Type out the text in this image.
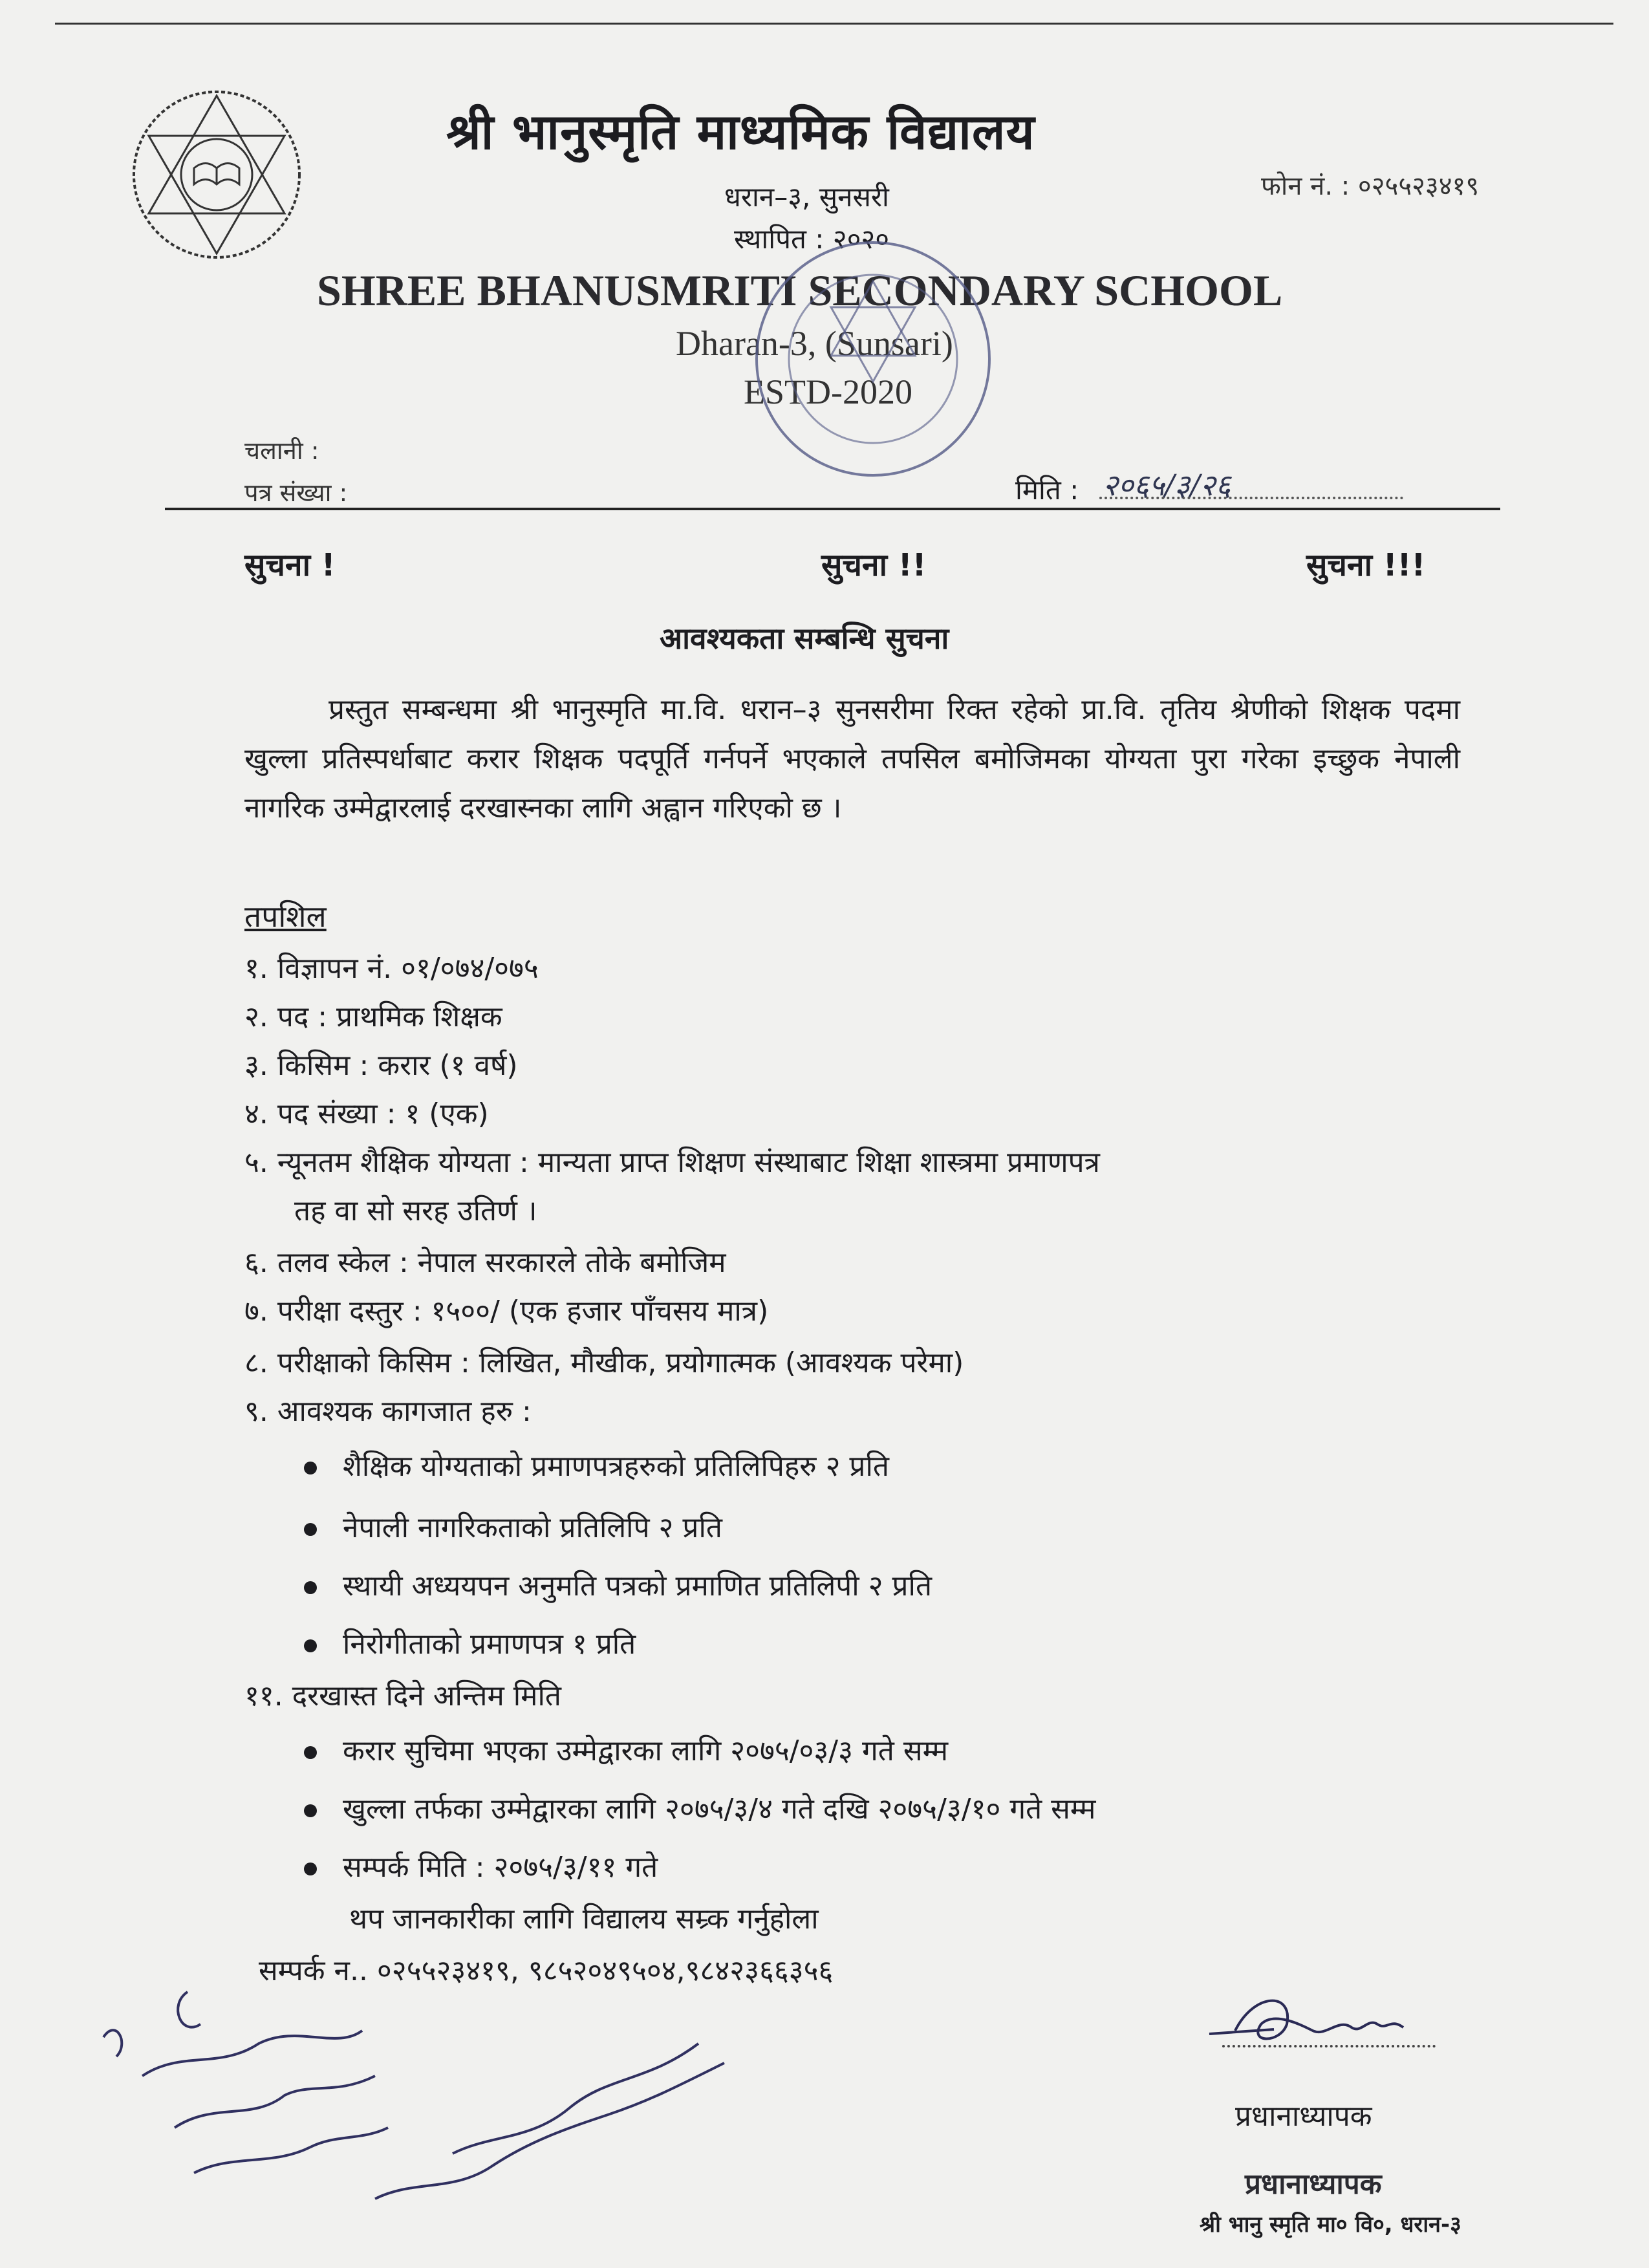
श्री भानुस्मृति माध्यमिक विद्यालय
फोन नं. : ०२५५२३४१९
धरान–३, सुनसरी
स्थापित : २०२०
SHREE BHANUSMRITI SECONDARY SCHOOL
Dharan-3, (Sunsari)
ESTD-2020
चलानी :
पत्र संख्या :	मिति : २०६५/३/२६
सुचना !	सुचना !!	सुचना !!!
आवश्यकता सम्बन्धि सुचना
प्रस्तुत सम्बन्धमा श्री भानुस्मृति मा.वि. धरान–३ सुनसरीमा रिक्त रहेको प्रा.वि. तृतिय श्रेणीको शिक्षक पदमा खुल्ला प्रतिस्पर्धाबाट करार शिक्षक पदपूर्ति गर्नपर्ने भएकाले तपसिल बमोजिमका योग्यता पुरा गरेका इच्छुक नेपाली नागरिक उम्मेद्वारलाई दरखास्नका लागि अह्वान गरिएको छ ।
तपशिल
१. विज्ञापन नं. ०१/०७४/०७५
२. पद : प्राथमिक शिक्षक
३. किसिम : करार (१ वर्ष)
४. पद संख्या : १ (एक)
५. न्यूनतम शैक्षिक योग्यता : मान्यता प्राप्त शिक्षण संस्थाबाट शिक्षा शास्त्रमा प्रमाणपत्र
तह वा सो सरह उतिर्ण ।
६. तलव स्केल : नेपाल सरकारले तोके बमोजिम
७. परीक्षा दस्तुर : १५००/ (एक हजार पाँचसय मात्र)
८. परीक्षाको किसिम : लिखित, मौखीक, प्रयोगात्मक (आवश्यक परेमा)
९. आवश्यक कागजात हरु :
शैक्षिक योग्यताको प्रमाणपत्रहरुको प्रतिलिपिहरु २ प्रति
नेपाली नागरिकताको प्रतिलिपि २ प्रति
स्थायी अध्ययपन अनुमति पत्रको प्रमाणित प्रतिलिपी २ प्रति
निरोगीताको प्रमाणपत्र १ प्रति
११. दरखास्त दिने अन्तिम मिति
करार सुचिमा भएका उम्मेद्वारका लागि २०७५/०३/३ गते सम्म
खुल्ला तर्फका उम्मेद्वारका लागि २०७५/३/४ गते दखि २०७५/३/१० गते सम्म
सम्पर्क मिति : २०७५/३/११ गते
थप जानकारीका लागि विद्यालय सम्र्क गर्नुहोला
सम्पर्क न.. ०२५५२३४१९, ९८५२०४९५०४,९८४२३६६३५६
प्रधानाध्यापक
प्रधानाध्यापक
श्री भानु स्मृति मा० वि०, धरान-३
